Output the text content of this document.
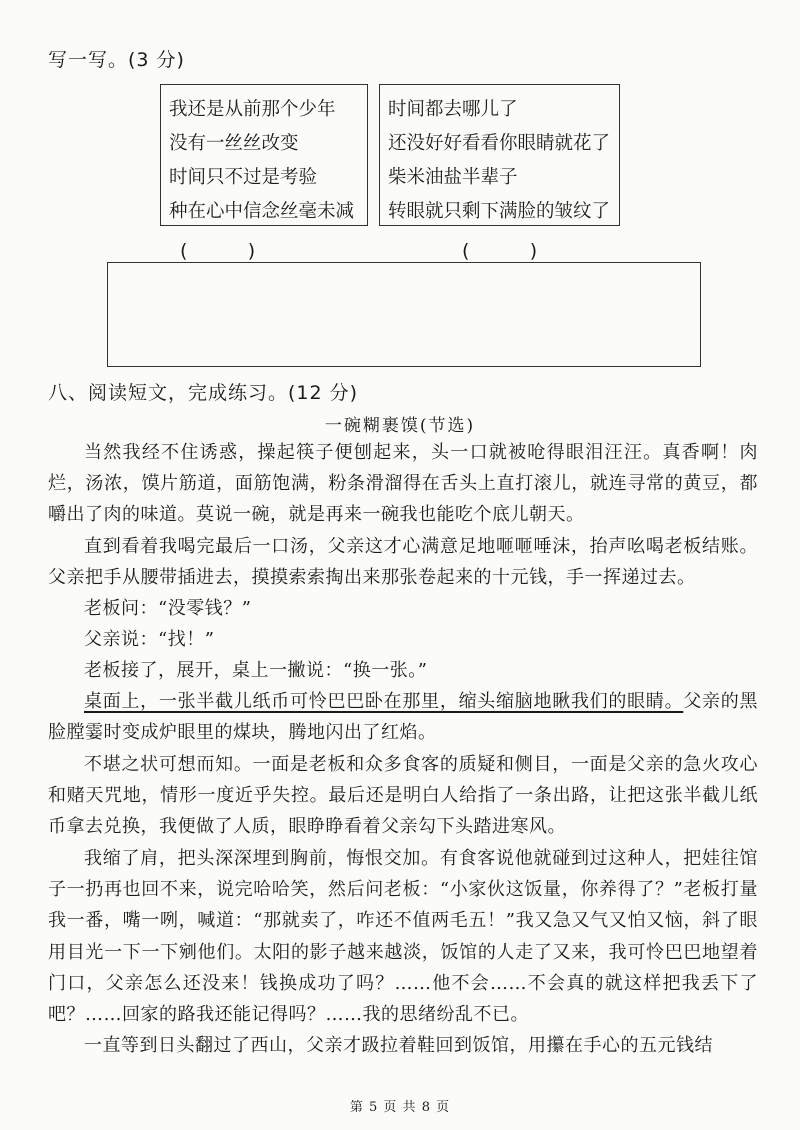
写一写。(3 分)
我还是从前那个少年
没有一丝丝改变
时间只不过是考验
种在心中信念丝毫未减
时间都去哪儿了
还没好好看看你眼睛就花了
柴米油盐半辈子
转眼就只剩下满脸的皱纹了
(          )	(          )
八、阅读短文，完成练习。(12 分)
一碗糊裹馍(节选)
当然我经不住诱惑，操起筷子便刨起来，头一口就被呛得眼泪汪汪。真香啊！肉烂，汤浓，馍片筋道，面筋饱满，粉条滑溜得在舌头上直打滚儿，就连寻常的黄豆，都嚼出了肉的味道。莫说一碗，就是再来一碗我也能吃个底儿朝天。
直到看着我喝完最后一口汤，父亲这才心满意足地咂咂唾沫，抬声吆喝老板结账。父亲把手从腰带插进去，摸摸索索掏出来那张卷起来的十元钱，手一挥递过去。
老板问：“没零钱？”
父亲说：“找！”
老板接了，展开，桌上一撇说：“换一张。”
桌面上，一张半截儿纸币可怜巴巴卧在那里，缩头缩脑地瞅我们的眼睛。父亲的黑脸膛霎时变成炉眼里的煤块，腾地闪出了红焰。
不堪之状可想而知。一面是老板和众多食客的质疑和侧目，一面是父亲的急火攻心和赌天咒地，情形一度近乎失控。最后还是明白人给指了一条出路，让把这张半截儿纸币拿去兑换，我便做了人质，眼睁睁看着父亲勾下头踏进寒风。
我缩了肩，把头深深埋到胸前，悔恨交加。有食客说他就碰到过这种人，把娃往馆子一扔再也回不来，说完哈哈笑，然后问老板：“小家伙这饭量，你养得了？”老板打量我一番，嘴一咧，喊道：“那就卖了，咋还不值两毛五！”我又急又气又怕又恼，斜了眼用目光一下一下剜他们。太阳的影子越来越淡，饭馆的人走了又来，我可怜巴巴地望着门口，父亲怎么还没来！钱换成功了吗？……他不会……不会真的就这样把我丢下了吧？……回家的路我还能记得吗？……我的思绪纷乱不已。
一直等到日头翻过了西山，父亲才趿拉着鞋回到饭馆，用攥在手心的五元钱结
第 5 页 共 8 页
